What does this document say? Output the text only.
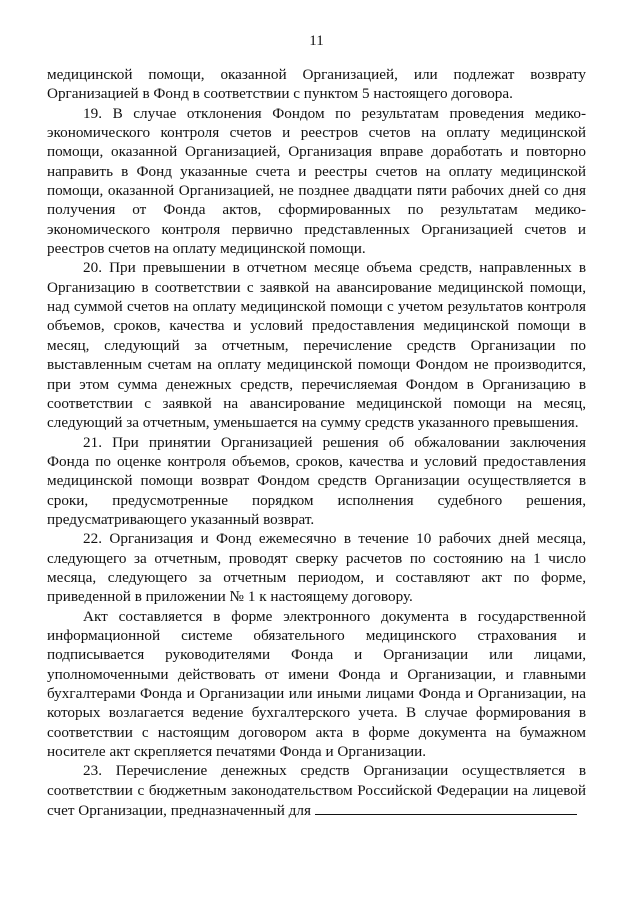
11

медицинской помощи, оказанной Организацией, или подлежат возврату Организацией в Фонд в соответствии с пунктом 5 настоящего договора.

19. В случае отклонения Фондом по результатам проведения медико-экономического контроля счетов и реестров счетов на оплату медицинской помощи, оказанной Организацией, Организация вправе доработать и повторно направить в Фонд указанные счета и реестры счетов на оплату медицинской помощи, оказанной Организацией, не позднее двадцати пяти рабочих дней со дня получения от Фонда актов, сформированных по результатам медико-экономического контроля первично представленных Организацией счетов и реестров счетов на оплату медицинской помощи.

20. При превышении в отчетном месяце объема средств, направленных в Организацию в соответствии с заявкой на авансирование медицинской помощи, над суммой счетов на оплату медицинской помощи с учетом результатов контроля объемов, сроков, качества и условий предоставления медицинской помощи в месяц, следующий за отчетным, перечисление средств Организации по выставленным счетам на оплату медицинской помощи Фондом не производится, при этом сумма денежных средств, перечисляемая Фондом в Организацию в соответствии с заявкой на авансирование медицинской помощи на месяц, следующий за отчетным, уменьшается на сумму средств указанного превышения.

21. При принятии Организацией решения об обжаловании заключения Фонда по оценке контроля объемов, сроков, качества и условий предоставления медицинской помощи возврат Фондом средств Организации осуществляется в сроки, предусмотренные порядком исполнения судебного решения, предусматривающего указанный возврат.

22. Организация и Фонд ежемесячно в течение 10 рабочих дней месяца, следующего за отчетным, проводят сверку расчетов по состоянию на 1 число месяца, следующего за отчетным периодом, и составляют акт по форме, приведенной в приложении № 1 к настоящему договору.

Акт составляется в форме электронного документа в государственной информационной системе обязательного медицинского страхования и подписывается руководителями Фонда и Организации или лицами, уполномоченными действовать от имени Фонда и Организации, и главными бухгалтерами Фонда и Организации или иными лицами Фонда и Организации, на которых возлагается ведение бухгалтерского учета. В случае формирования в соответствии с настоящим договором акта в форме документа на бумажном носителе акт скрепляется печатями Фонда и Организации.

23. Перечисление денежных средств Организации осуществляется в соответствии с бюджетным законодательством Российской Федерации на лицевой счет Организации, предназначенный для
